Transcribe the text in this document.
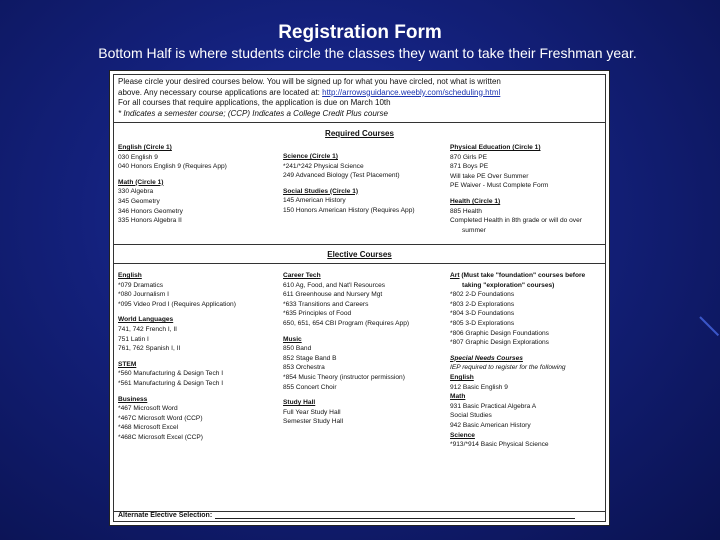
Registration Form
Bottom Half is where students circle the classes they want to take their Freshman year.
Please circle your desired courses below. You will be signed up for what you have circled, not what is written
above. Any necessary course applications are located at: http://arrowsguidance.weebly.com/scheduling.html
For all courses that require applications, the application is due on March 10th
* Indicates a semester course; (CCP) Indicates a College Credit Plus course
Required Courses
English (Circle 1)
030 English 9
040 Honors English 9 (Requires App)
Math (Circle 1)
330 Algebra
345 Geometry
346 Honors Geometry
335 Honors Algebra II
Science (Circle 1)
*241/*242 Physical Science
249 Advanced Biology (Test Placement)
Social Studies (Circle 1)
145 American History
150 Honors American History (Requires App)
Physical Education (Circle 1)
870 Girls PE
871 Boys PE
Will take PE Over Summer
PE Waiver - Must Complete Form
Health (Circle 1)
885 Health
Completed Health in 8th grade or will do over
summer
Elective Courses
English
*079 Dramatics
*080 Journalism I
*095 Video Prod I (Requires Application)
World Languages
741, 742 French I, II
751 Latin I
761, 762 Spanish I, II
STEM
*560 Manufacturing & Design Tech I
*561 Manufacturing & Design Tech I
Business
*467 Microsoft Word
*467C Microsoft Word (CCP)
*468 Microsoft Excel
*468C Microsoft Excel (CCP)
Career Tech
610 Ag, Food, and Nat'l Resources
611 Greenhouse and Nursery Mgt
*633 Transitions and Careers
*635 Principles of Food
650, 651, 654 CBI Program (Requires App)
Music
850 Band
852 Stage Band B
853 Orchestra
*854 Music Theory (instructor permission)
855 Concert Choir
Study Hall
Full Year Study Hall
Semester Study Hall
Art (Must take "foundation" courses before
taking "exploration" courses)
*802 2-D Foundations
*803 2-D Explorations
*804 3-D Foundations
*805 3-D Explorations
*806 Graphic Design Foundations
*807 Graphic Design Explorations
Special Needs Courses
IEP required to register for the following
English
912 Basic English 9
Math
931 Basic Practical Algebra A
Social Studies
942 Basic American History
Science
*913/*914 Basic Physical Science
Alternate Elective Selection:
